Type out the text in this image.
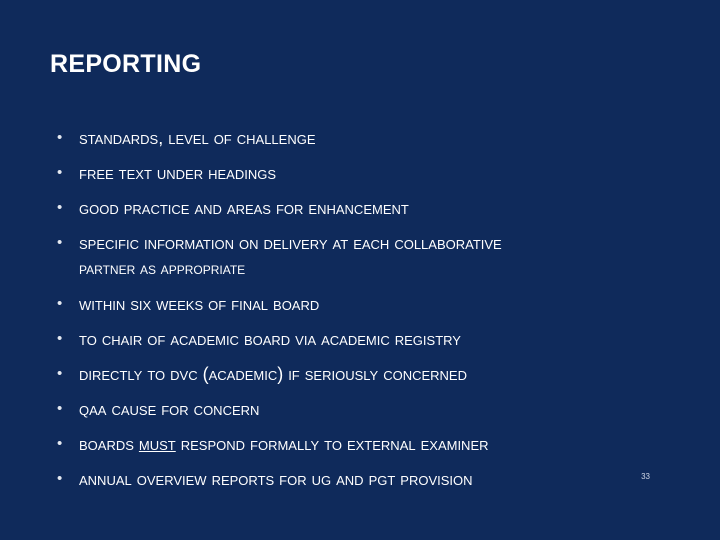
REPORTING
• standards, level of challenge
• free text under headings
• good practice and areas for enhancement
• specific information on delivery at each collaborative
partner as appropriate
• within six weeks of final board
• to chair of academic board via academic registry
• directly to dvc (academic) if seriously concerned
• qaa cause for concern
• boards must respond formally to external examiner
• annual overview reports for ug and pgt provision	33
